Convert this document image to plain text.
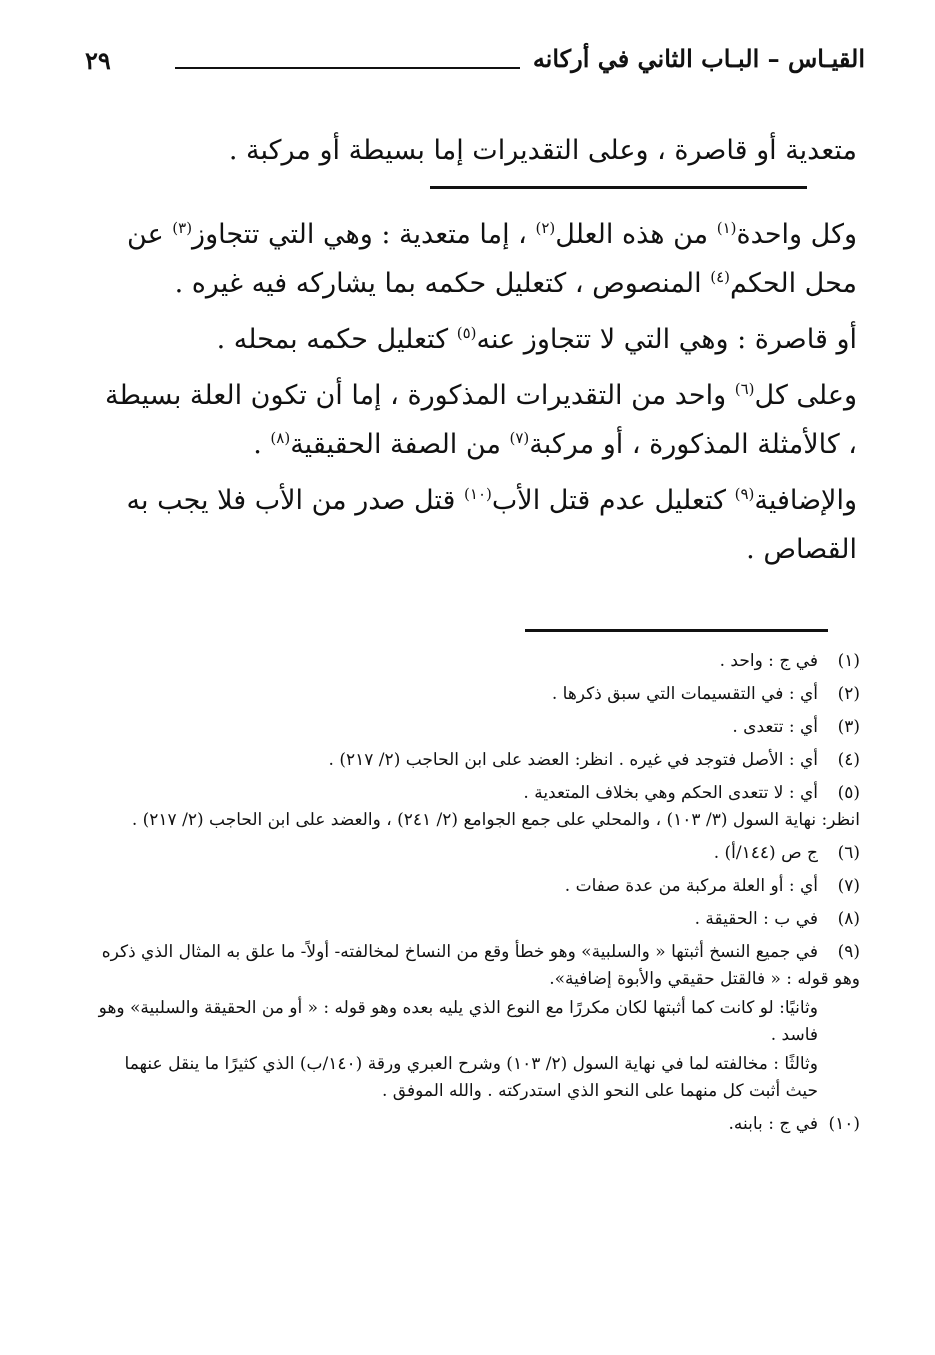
٢٩	القيـاس – البـاب الثاني في أركانه

متعدية أو قاصرة ، وعلى التقديرات إما بسيطة أو مركبة .

وكل واحدة$^{(١)}$ من هذه العلل$^{(٢)}$ ، إما متعدية : وهي التي تتجاوز$^{(٣)}$ عن محل الحكم$^{(٤)}$ المنصوص ، كتعليل حكمه بما يشاركه فيه غيره .

أو قاصرة : وهي التي لا تتجاوز عنه$^{(٥)}$ كتعليل حكمه بمحله .

وعلى كل$^{(٦)}$ واحد من التقديرات المذكورة ، إما أن تكون العلة بسيطة ، كالأمثلة المذكورة ، أو مركبة$^{(٧)}$ من الصفة الحقيقية$^{(٨)}$ .

والإضافية$^{(٩)}$ كتعليل عدم قتل الأب$^{(١٠)}$ قتل صدر من الأب فلا يجب به القصاص .

(١)في ج : واحد .

(٢)أي : في التقسيمات التي سبق ذكرها .

(٣)أي : تتعدى .

(٤)أي : الأصل فتوجد في غيره . انظر: العضد على ابن الحاجب (٢/ ٢١٧) .

(٥)أي : لا تتعدى الحكم وهي بخلاف المتعدية .

انظر: نهاية السول (٣/ ١٠٣) ، والمحلي على جمع الجوامع (٢/ ٢٤١) ، والعضد على ابن الحاجب (٢/ ٢١٧) .

(٦)ج ص (١٤٤/أ) .

(٧)أي : أو العلة مركبة من عدة صفات .

(٨)في ب : الحقيقة .

(٩)في جميع النسخ أثبتها « والسلبية» وهو خطأ وقع من النساخ لمخالفته- أولاً- ما علق به المثال الذي ذكره وهو قوله : « فالقتل حقيقي والأبوة إضافية».

وثانيًا: لو كانت كما أثبتها لكان مكررًا مع النوع الذي يليه بعده وهو قوله : « أو من الحقيقة والسلبية» وهو فاسد .

وثالثًا : مخالفته لما في نهاية السول (٢/ ١٠٣) وشرح العبري ورقة (١٤٠/ب) الذي كثيرًا ما ينقل عنهما حيث أثبت كل منهما على النحو الذي استدركته . والله الموفق .

(١٠)في ج : بابنه.
